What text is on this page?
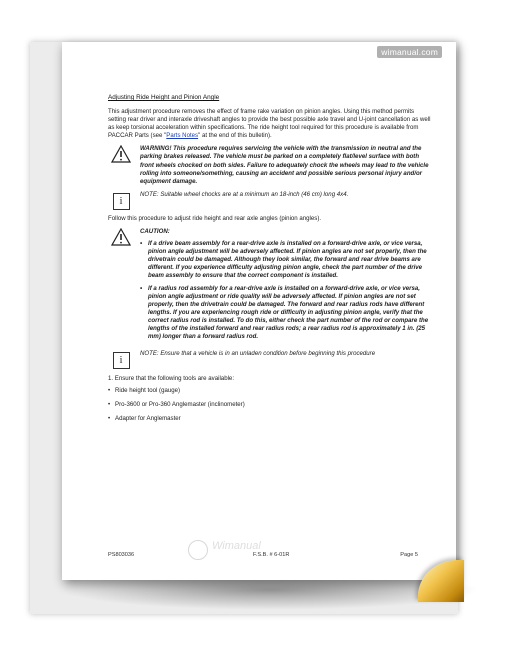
wimanual.com
Adjusting Ride Height and Pinion Angle

This adjustment procedure removes the effect of frame rake variation on pinion angles. Using this method permits setting rear driver and interaxle driveshaft angles to provide the best possible axle travel and U-joint cancellation as well as keep torsional acceleration within specifications. The ride height tool required for this procedure is available from PACCAR Parts (see "Parts Notes" at the end of this bulletin).

WARNING! This procedure requires servicing the vehicle with the transmission in neutral and the parking brakes released. The vehicle must be parked on a completely flat/level surface with both front wheels chocked on both sides. Failure to adequately chock the wheels may lead to the vehicle rolling into someone/something, causing an accident and possible serious personal injury and/or equipment damage.

i

NOTE: Suitable wheel chocks are at a minimum an 18-inch (46 cm) long 4x4.

Follow this procedure to adjust ride height and rear axle angles (pinion angles).

CAUTION:

• If a drive beam assembly for a rear-drive axle is installed on a forward-drive axle, or vice versa, pinion angle adjustment will be adversely affected. If pinion angles are not set properly, then the drivetrain could be damaged. Although they look similar, the forward and rear drive beams are different. If you experience difficulty adjusting pinion angle, check the part number of the drive beam assembly to ensure that the correct component is installed.
• If a radius rod assembly for a rear-drive axle is installed on a forward-drive axle, or vice versa, pinion angle adjustment or ride quality will be adversely affected. If pinion angles are not set properly, then the drivetrain could be damaged. The forward and rear radius rods have different lengths. If you are experiencing rough ride or difficulty in adjusting pinion angle, verify that the correct radius rod is installed. To do this, either check the part number of the rod or compare the lengths of the installed forward and rear radius rods; a rear radius rod is approximately 1 in. (25 mm) longer than a forward radius rod.
i

NOTE: Ensure that a vehicle is in an unladen condition before beginning this procedure

1. Ensure that the following tools are available:

• Ride height tool (gauge)
• Pro-3600 or Pro-360 Anglemaster (inclinometer)
• Adapter for Anglemaster
Wimanual
PS803036	F.S.B. # 6-01R	Page 5
